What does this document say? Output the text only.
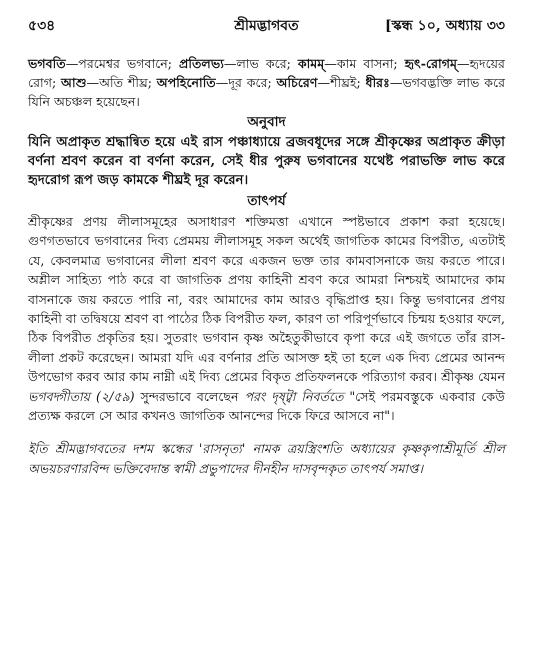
৫৩৪	শ্রীমদ্ভাগবত	[স্কন্ধ ১০, অধ্যায় ৩৩

ভগবতি—পরমেশ্বর ভগবানে; প্রতিলভ্য—লাভ করে; কামম্—কাম বাসনা; হৃৎ-রোগম্—হৃদয়ের রোগ; আশু—অতি শীঘ্র; অপহিনোতি—দূর করে; অচিরেণ—শীঘ্রই; ধীরঃ—ভগবদ্ভক্তি লাভ করে যিনি অচঞ্চল হয়েছেন।

অনুবাদ

যিনি অপ্রাকৃত শ্রদ্ধান্বিত হয়ে এই রাস পঞ্চাধ্যায়ে ব্রজবধূদের সঙ্গে শ্রীকৃষ্ণের অপ্রাকৃত ক্রীড়া বর্ণনা শ্রবণ করেন বা বর্ণনা করেন, সেই ধীর পুরুষ ভগবানের যথেষ্ট পরাভক্তি লাভ করে হৃদরোগ রূপ জড় কামকে শীঘ্রই দূর করেন।

তাৎপর্য

শ্রীকৃষ্ণের প্রণয় লীলাসমূহের অসাধারণ শক্তিমত্তা এখানে স্পষ্টভাবে প্রকাশ করা হয়েছে। গুণগতভাবে ভগবানের দিব্য প্রেমময় লীলাসমূহ সকল অর্থেই জাগতিক কামের বিপরীত, এতটাই যে, কেবলমাত্র ভগবানের লীলা শ্রবণ করে একজন ভক্ত তার কামবাসনাকে জয় করতে পারে। অশ্লীল সাহিত্য পাঠ করে বা জাগতিক প্রণয় কাহিনী শ্রবণ করে আমরা নিশ্চয়ই আমাদের কাম বাসনাকে জয় করতে পারি না, বরং আমাদের কাম আরও বৃদ্ধিপ্রাপ্ত হয়। কিন্তু ভগবানের প্রণয় কাহিনী বা তদ্বিষয়ে শ্রবণ বা পাঠের ঠিক বিপরীত ফল, কারণ তা পরিপূর্ণভাবে চিন্ময় হওয়ার ফলে, ঠিক বিপরীত প্রকৃতির হয়। সুতরাং ভগবান কৃষ্ণ অহৈতুকীভাবে কৃপা করে এই জগতে তাঁর রাস-লীলা প্রকট করেছেন। আমরা যদি এর বর্ণনার প্রতি আসক্ত হই তা হলে এক দিব্য প্রেমের আনন্দ উপভোগ করব আর কাম নাম্নী এই দিব্য প্রেমের বিকৃত প্রতিফলনকে পরিত্যাগ করব। শ্রীকৃষ্ণ যেমন ভগবদ্গীতায় (২/৫৯) সুন্দরভাবে বলেছেন পরং দৃষ্ট্বা নিবর্ততে "সেই পরমবস্তুকে একবার কেউ প্রত্যক্ষ করলে সে আর কখনও জাগতিক আনন্দের দিকে ফিরে আসবে না"।

ইতি শ্রীমদ্ভাগবতের দশম স্কন্ধের 'রাসনৃত্য' নামক ত্রয়স্ত্রিংশতি অধ্যায়ের কৃষ্ণকৃপাশ্রীমূর্তি শ্রীল অভয়চরণারবিন্দ ভক্তিবেদান্ত স্বামী প্রভুপাদের দীনহীন দাসবৃন্দকৃত তাৎপর্য সমাপ্ত।
